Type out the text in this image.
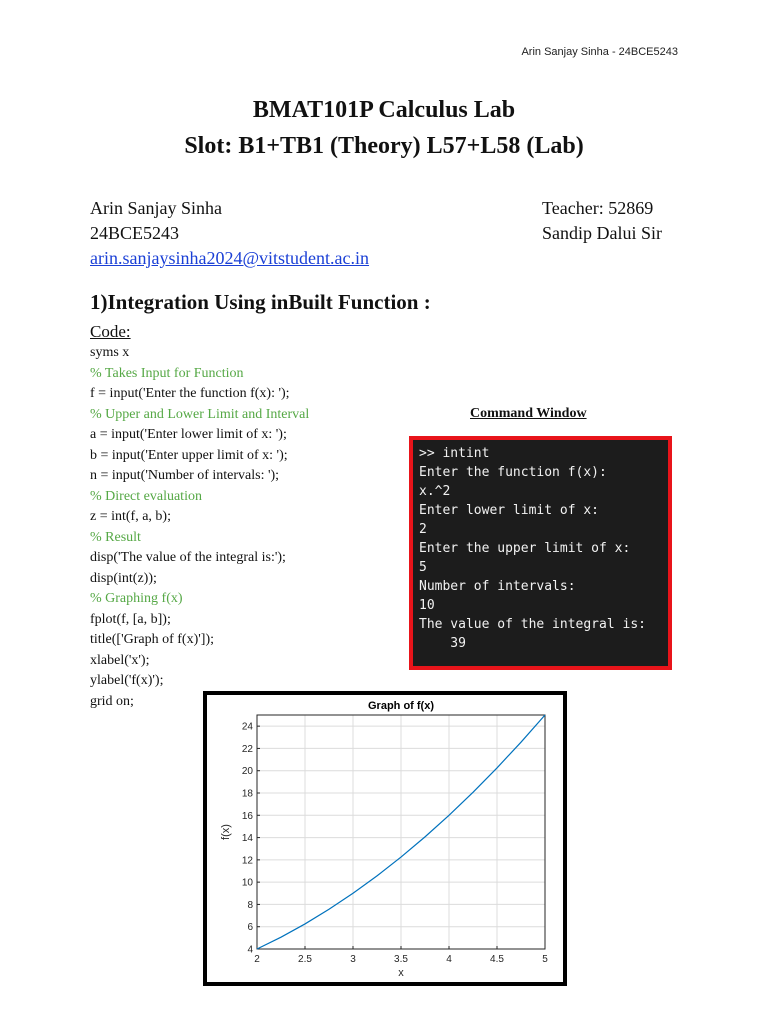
Arin Sanjay Sinha - 24BCE5243
BMAT101P Calculus Lab
Slot: B1+TB1 (Theory) L57+L58 (Lab)
Arin Sanjay Sinha
24BCE5243
arin.sanjaysinha2024@vitstudent.ac.in
Teacher: 52869
Sandip Dalui Sir
1)Integration Using inBuilt Function :
Code:
syms x
% Takes Input for Function
f = input('Enter the function f(x): ');
% Upper and Lower Limit and Interval
a = input('Enter lower limit of x: ');
b = input('Enter upper limit of x: ');
n = input('Number of intervals: ');
% Direct evaluation
z = int(f, a, b);
% Result
disp('The value of the integral is:');
disp(int(z));
% Graphing f(x)
fplot(f, [a, b]);
title(['Graph of f(x)']);
xlabel('x');
ylabel('f(x)');
grid on;
Command Window
>> intint
Enter the function f(x):
x.^2
Enter lower limit of x:
2
Enter the upper limit of x:
5
Number of intervals:
10
The value of the integral is:
39
2	2.5	3	3.5	4	4.5	5
4
6
8
10
12
14
16
18
20
22
24
Graph of f(x)
x
f(x)
